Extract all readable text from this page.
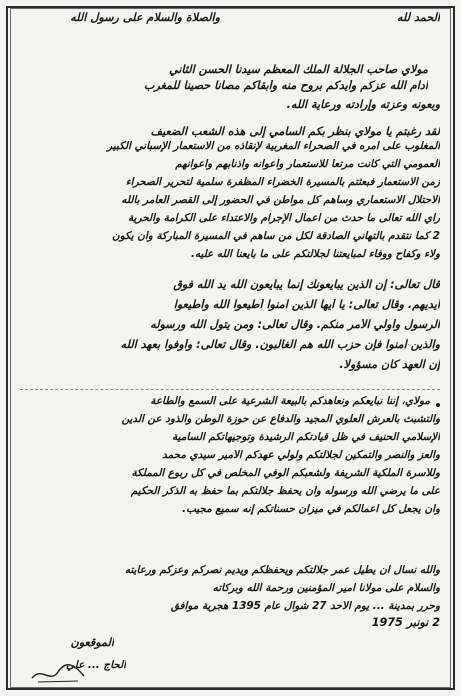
والصلاة والسلام على رسول الله	الحمد لله
مولاي صاحب الجلالة الملك المعظم سيدنا الحسن الثاني
أدام الله عزكم وأيدكم بروح منه وأبقاكم مصانا حصينا للمغرب
وبعونه وعزته وإرادته ورعاية الله.
لقد رغبتم يا مولاي بنظر بكم السامي إلى هذه الشعب الضعيف
المغلوب على أمره في الصحراء المغربية لإنقاذه من الاستعمار الإسباني الكبير
العمومي التي كانت مرتعا للاستعمار وأعوانه وأذنابهم وأعوانهم
زمن الاستعمار فبعثتم بالمسيرة الخضراء المظفرة سلمية لتحرير الصحراء
الاحتلال الاستعماري وساهم كل مواطن في الحضور إلى القصر العامر بالله
رأي الله تعالى ما حدث من أعمال الإجرام والاعتداء على الكرامة والحرية
2 كما نتقدم بالتهاني الصادقة لكل من ساهم في المسيرة المباركة وأن يكون
ولاء وكفاح ووفاء لمبايعتنا لجلالتكم على ما بايعنا الله عليه.
قال تعالى: إن الذين يبايعونك إنما يبايعون الله يد الله فوق
أيديهم. وقال تعالى: يا أيها الذين آمنوا أطيعوا الله وأطيعوا
الرسول وأولي الأمر منكم. وقال تعالى: ومن يتول الله ورسوله
والذين آمنوا فإن حزب الله هم الغالبون. وقال تعالى: وأوفوا بعهد الله
إن العهد كان مسؤولا.
مولاي، إننا نبايعكم ونعاهدكم بالبيعة الشرعية على السمع والطاعة
والتشبث بالعرش العلوي المجيد والدفاع عن حوزة الوطن والذود عن الدين
الإسلامي الحنيف في ظل قيادتكم الرشيدة وتوجيهاتكم السامية
والعز والنصر والتمكين لجلالتكم ولولي عهدكم الأمير سيدي محمد
وللأسرة الملكية الشريفة ولشعبكم الوفي المخلص في كل ربوع المملكة
على ما يرضي الله ورسوله وأن يحفظ جلالتكم بما حفظ به الذكر الحكيم
وأن يجعل كل أعمالكم في ميزان حسناتكم إنه سميع مجيب.
والله نسأل أن يطيل عمر جلالتكم ويحفظكم ويديم نصركم وعزكم ورعايته
والسلام على مولانا أمير المؤمنين ورحمة الله وبركاته
وحرر بمدينة ... يوم الأحد 27 شوال عام 1395 هجرية موافق
2 نونبر 1975
الموقعون
الحاج ... علي
